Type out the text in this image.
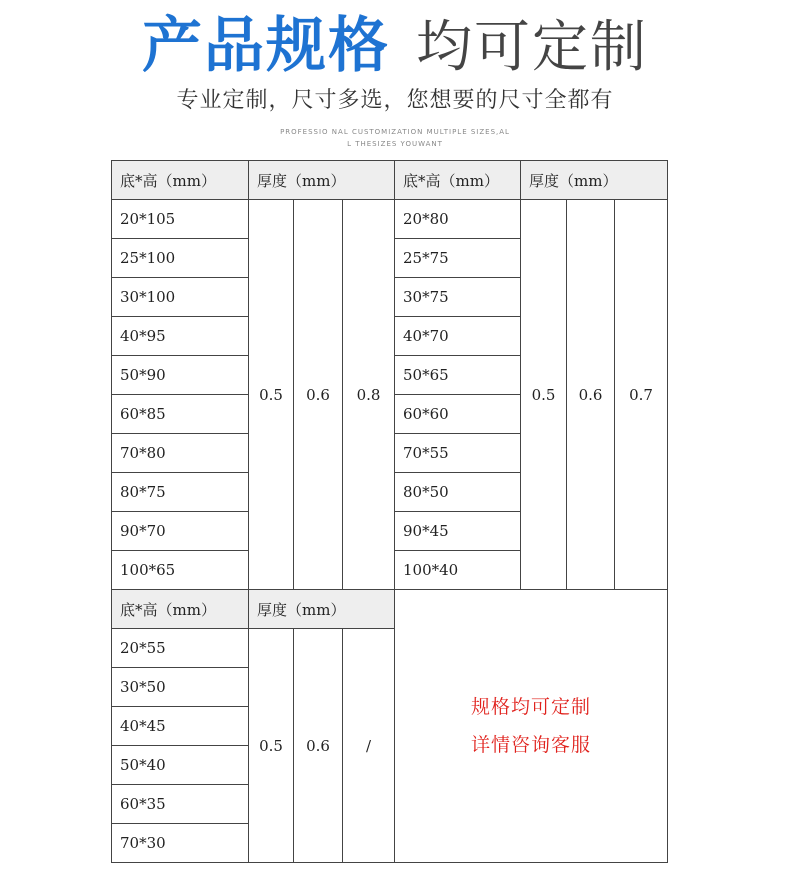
产品规格 均可定制
专业定制，尺寸多选，您想要的尺寸全都有
PROFESSIO NAL CUSTOMIZATION MULTIPLE SIZES,AL
L THESIZES YOUWANT
底*高（mm）	厚度（mm）			底*高（mm）	厚度（mm）		
20*105	0.5	0.6	0.8	20*80	0.5	0.6	0.7
25*100				25*75			
30*100				30*75			
40*95				40*70			
50*90				50*65			
60*85				60*60			
70*80				70*55			
80*75				80*50			
90*70				90*45			
100*65				100*40			
底*高（mm）	厚度（mm）			规格均可定制
详情咨询客服			

20*55	0.5	0.6	/				
30*50							
40*45							
50*40							
60*35							
70*30							
